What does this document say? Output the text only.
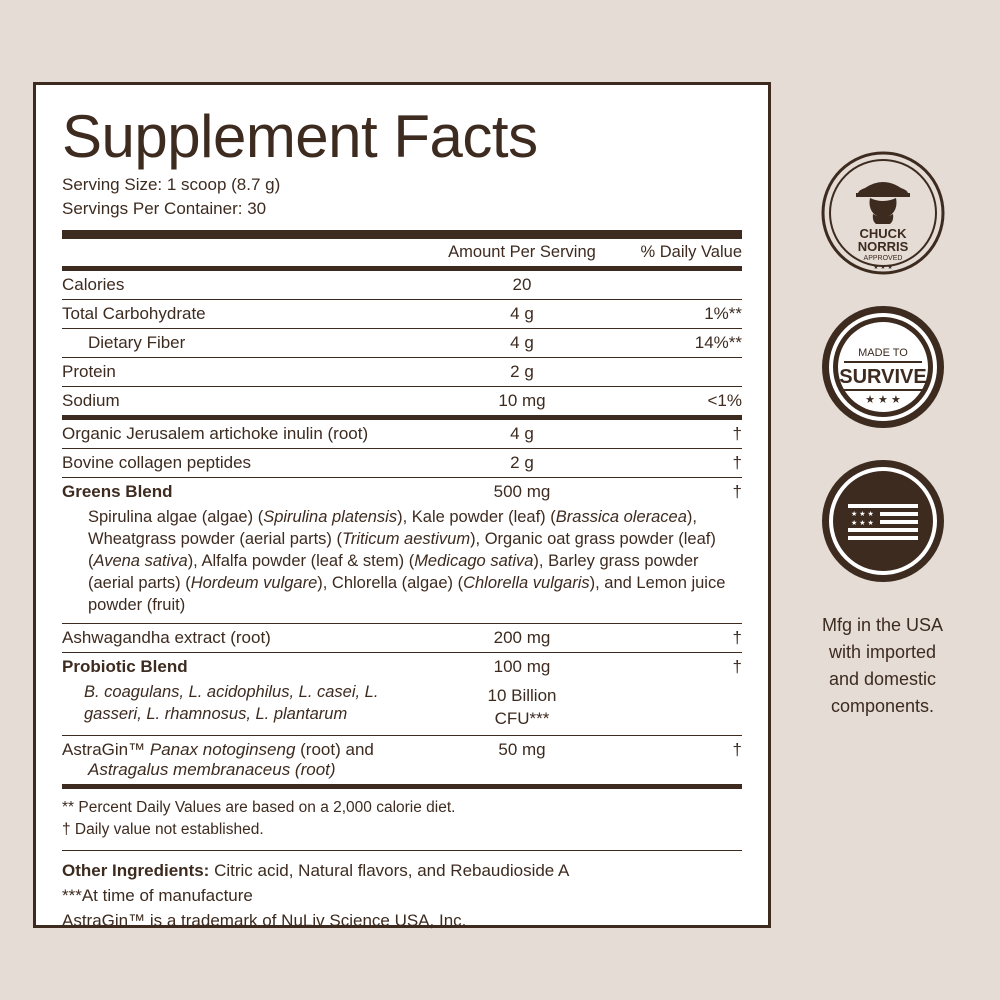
Supplement Facts
Serving Size: 1 scoop (8.7 g)
Servings Per Container: 30
	Amount Per Serving	% Daily Value
Calories	20	
Total Carbohydrate	4 g	1%**
Dietary Fiber	4 g	14%**
Protein	2 g	
Sodium	10 mg	<1%
Organic Jerusalem artichoke inulin (root)	4 g	†
Bovine collagen peptides	2 g	†
Greens Blend	500 mg	†
Spirulina algae (algae) (Spirulina platensis), Kale powder (leaf) (Brassica oleracea), Wheatgrass powder (aerial parts) (Triticum aestivum), Organic oat grass powder (leaf) (Avena sativa), Alfalfa powder (leaf & stem) (Medicago sativa), Barley grass powder (aerial parts) (Hordeum vulgare), Chlorella (algae) (Chlorella vulgaris), and Lemon juice powder (fruit)		
Ashwagandha extract (root)	200 mg	†
Probiotic Blend	100 mg	†
B. coagulans, L. acidophilus, L. casei, L. gasseri, L. rhamnosus, L. plantarum	10 Billion
CFU***	

AstraGin™ Panax notoginseng (root) and
Astragalus membranaceus (root)	50 mg	†
** Percent Daily Values are based on a 2,000 calorie diet.
† Daily value not established.
Other Ingredients: Citric acid, Natural flavors, and Rebaudioside A
***At time of manufacture
AstraGin™ is a trademark of NuLiv Science USA, Inc.
CHUCK
NORRIS
APPROVED
★ ★ ★
MADE TO
SURVIVE
★ ★ ★
★ ★ ★
★ ★ ★
Mfg in the USA
with imported
and domestic
components.
